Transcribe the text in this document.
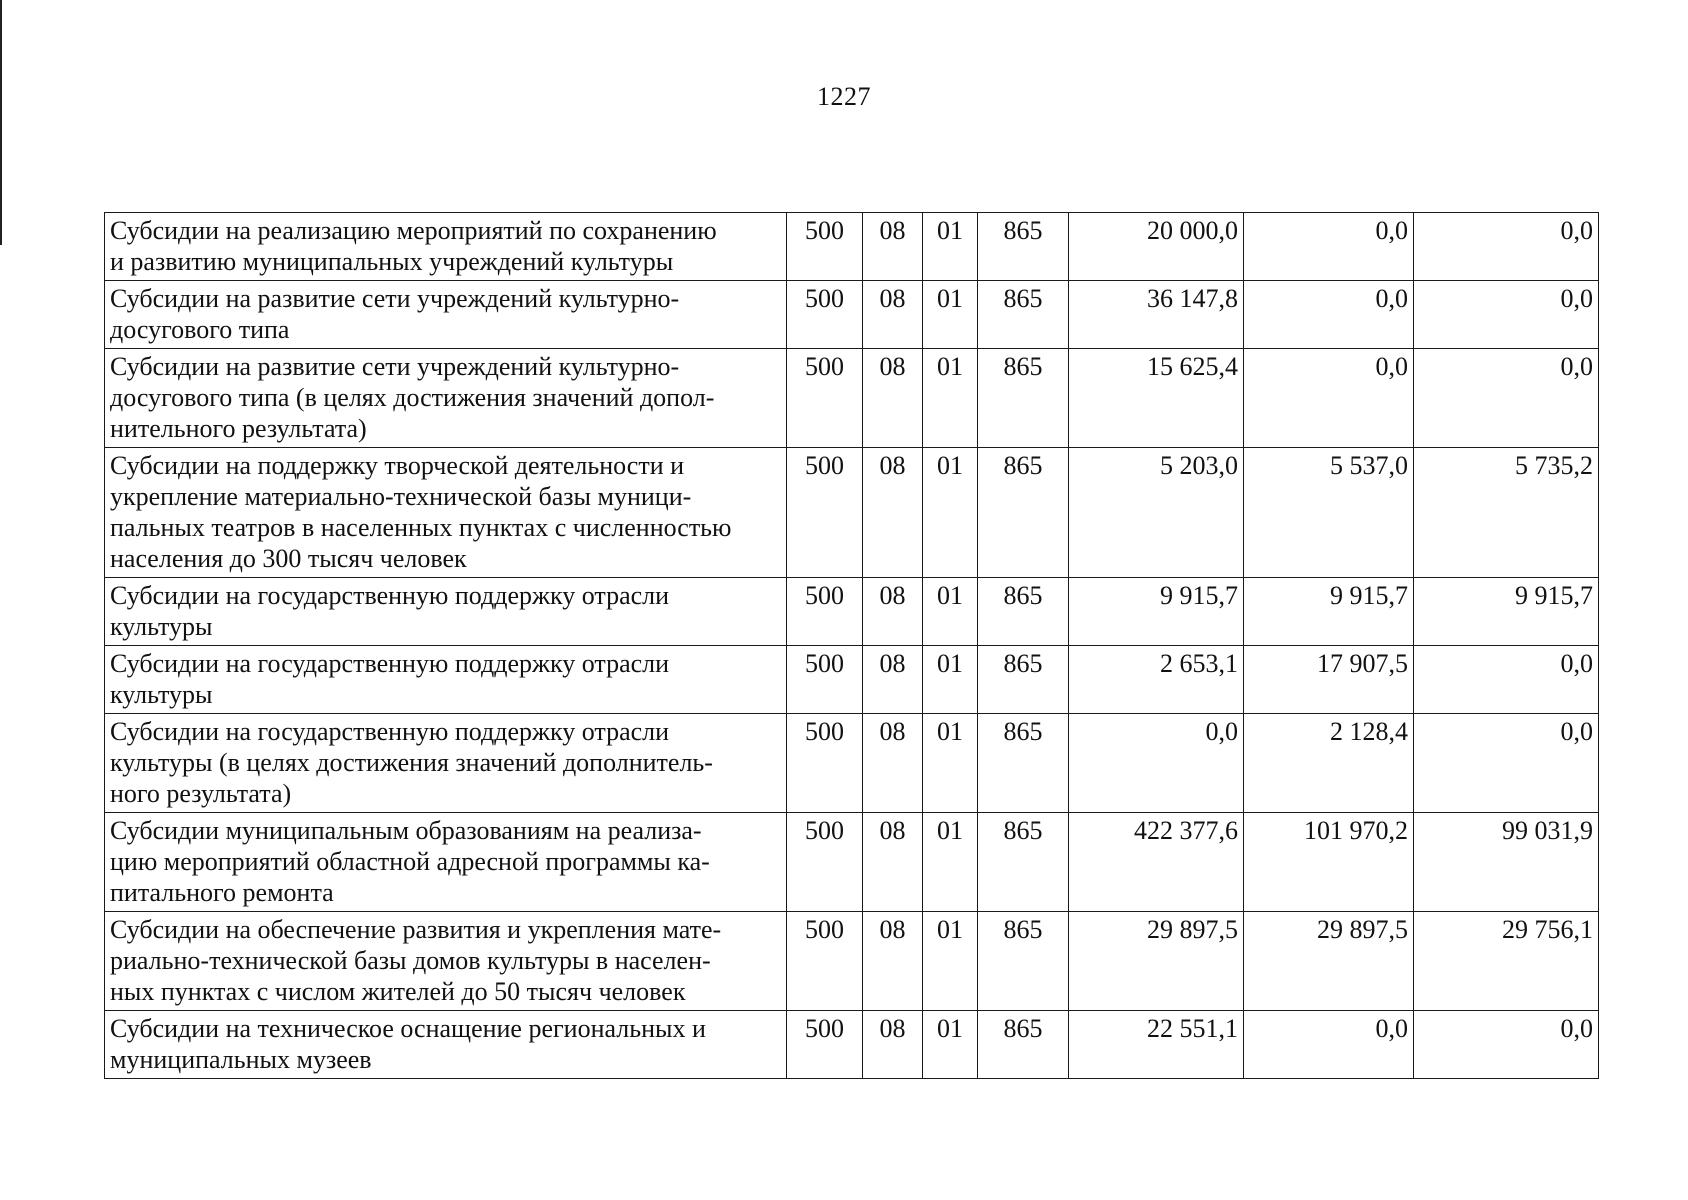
1227
Субсидии на реализацию мероприятий по сохранению
и развитию муниципальных учреждений культуры	500	08	01	865	20 000,0	0,0	0,0

Субсидии на развитие сети учреждений культурно-
досугового типа	500	08	01	865	36 147,8	0,0	0,0

Субсидии на развитие сети учреждений культурно-
досугового типа (в целях достижения значений допол-
нительного результата)	500	08	01	865	15 625,4	0,0	0,0

Субсидии на поддержку творческой деятельности и
укрепление материально-технической базы муници-
пальных театров в населенных пунктах с численностью
населения до 300 тысяч человек	500	08	01	865	5 203,0	5 537,0	5 735,2

Субсидии на государственную поддержку отрасли
культуры	500	08	01	865	9 915,7	9 915,7	9 915,7

Субсидии на государственную поддержку отрасли
культуры	500	08	01	865	2 653,1	17 907,5	0,0

Субсидии на государственную поддержку отрасли
культуры (в целях достижения значений дополнитель-
ного результата)	500	08	01	865	0,0	2 128,4	0,0

Субсидии муниципальным образованиям на реализа-
цию мероприятий областной адресной программы ка-
питального ремонта	500	08	01	865	422 377,6	101 970,2	99 031,9

Субсидии на обеспечение развития и укрепления мате-
риально-технической базы домов культуры в населен-
ных пунктах с числом жителей до 50 тысяч человек	500	08	01	865	29 897,5	29 897,5	29 756,1

Субсидии на техническое оснащение региональных и
муниципальных музеев	500	08	01	865	22 551,1	0,0	0,0
